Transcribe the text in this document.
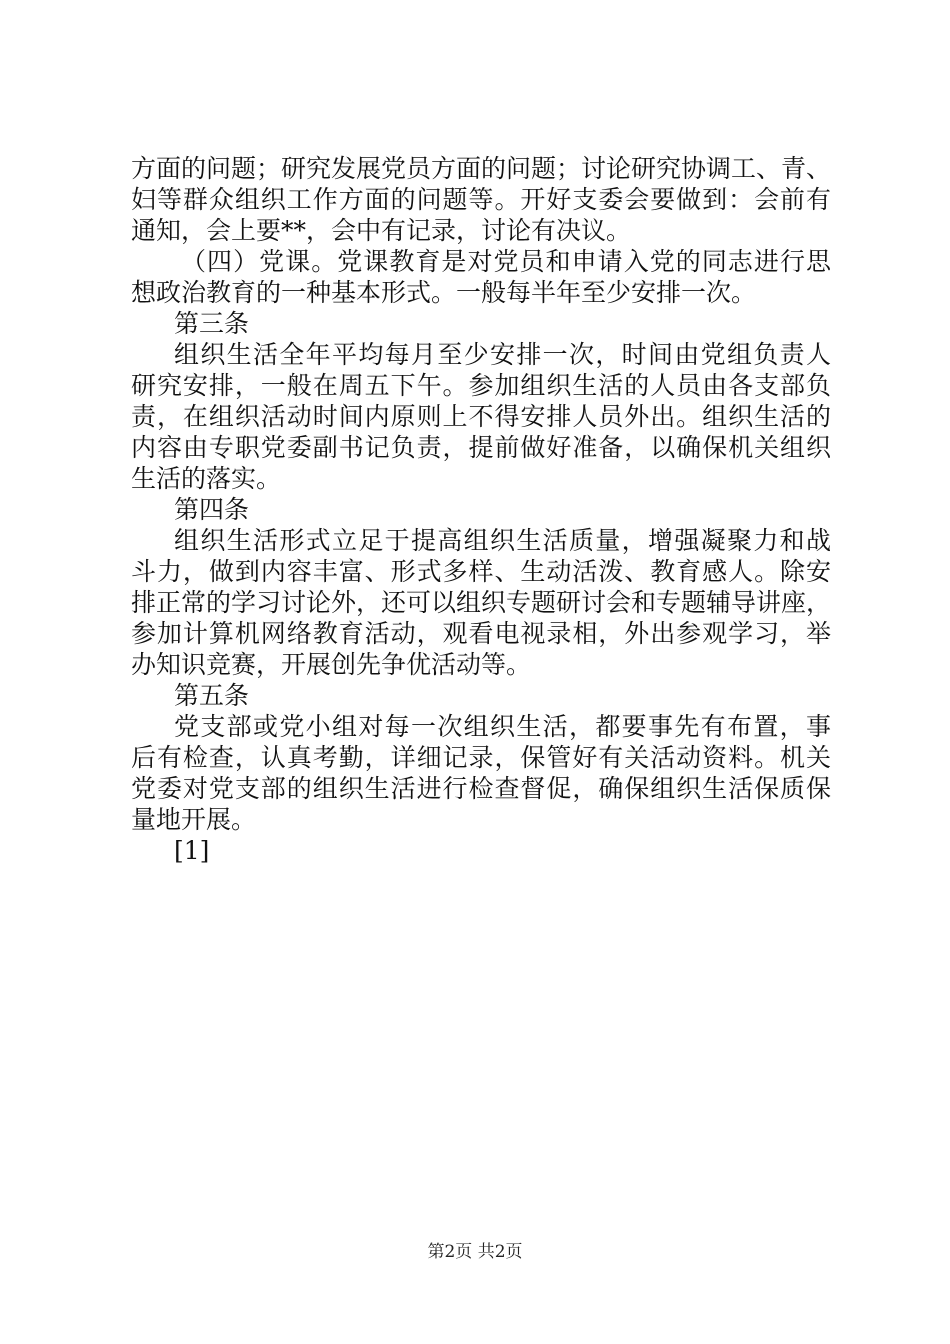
方面的问题；研究发展党员方面的问题；讨论研究协调工、青、
妇等群众组织工作方面的问题等。开好支委会要做到：会前有
通知，会上要**，会中有记录，讨论有决议。
（四）党课。党课教育是对党员和申请入党的同志进行思
想政治教育的一种基本形式。一般每半年至少安排一次。
第三条
组织生活全年平均每月至少安排一次，时间由党组负责人
研究安排，一般在周五下午。参加组织生活的人员由各支部负
责，在组织活动时间内原则上不得安排人员外出。组织生活的
内容由专职党委副书记负责，提前做好准备，以确保机关组织
生活的落实。
第四条
组织生活形式立足于提高组织生活质量，增强凝聚力和战
斗力，做到内容丰富、形式多样、生动活泼、教育感人。除安
排正常的学习讨论外，还可以组织专题研讨会和专题辅导讲座，
参加计算机网络教育活动，观看电视录相，外出参观学习，举
办知识竞赛，开展创先争优活动等。
第五条
党支部或党小组对每一次组织生活，都要事先有布置，事
后有检查，认真考勤，详细记录，保管好有关活动资料。机关
党委对党支部的组织生活进行检查督促，确保组织生活保质保
量地开展。
[1]
第2页 共2页
